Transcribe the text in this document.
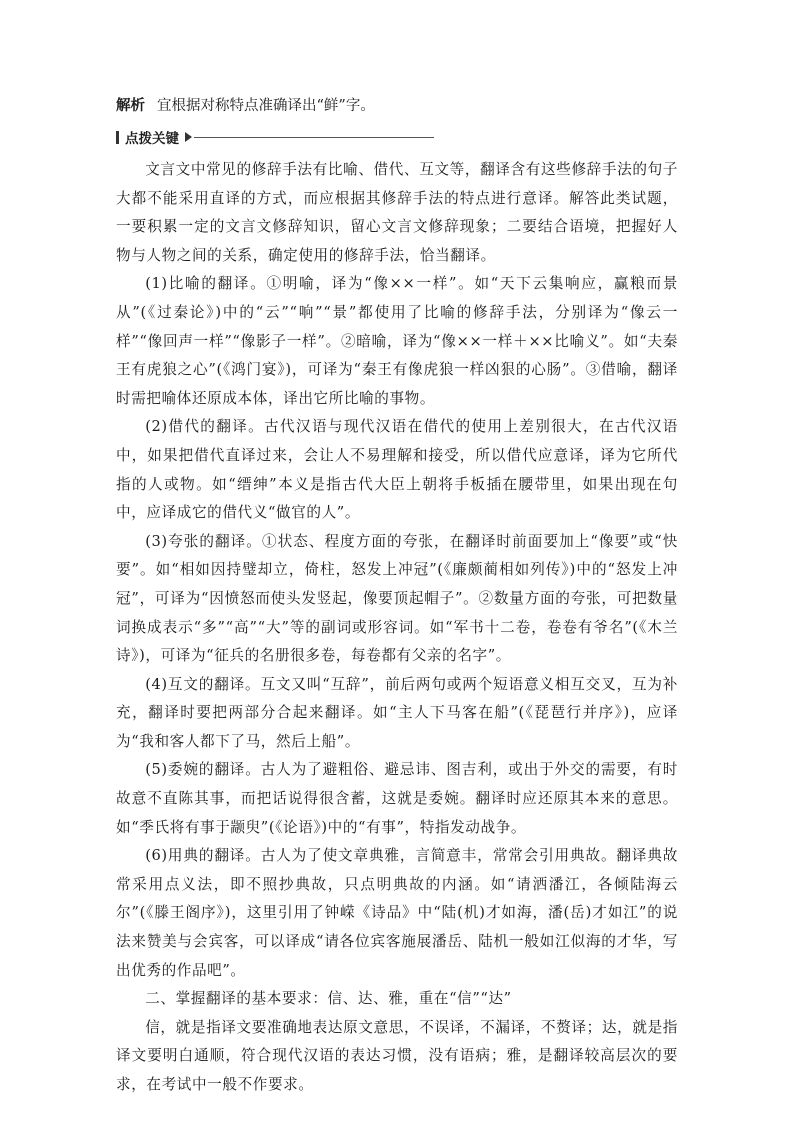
解析 宜根据对称特点准确译出“鲜”字。

点拨关键

文言文中常见的修辞手法有比喻、借代、互文等，翻译含有这些修辞手法的句子大都不能采用直译的方式，而应根据其修辞手法的特点进行意译。解答此类试题，一要积累一定的文言文修辞知识，留心文言文修辞现象；二要结合语境，把握好人物与人物之间的关系，确定使用的修辞手法，恰当翻译。

(1)比喻的翻译。①明喻，译为“像××一样”。如“天下云集响应，赢粮而景从”(《过秦论》)中的“云”“响”“景”都使用了比喻的修辞手法，分别译为“像云一样”“像回声一样”“像影子一样”。②暗喻，译为“像××一样＋××比喻义”。如“夫秦王有虎狼之心”(《鸿门宴》)，可译为“秦王有像虎狼一样凶狠的心肠”。③借喻，翻译时需把喻体还原成本体，译出它所比喻的事物。

(2)借代的翻译。古代汉语与现代汉语在借代的使用上差别很大，在古代汉语中，如果把借代直译过来，会让人不易理解和接受，所以借代应意译，译为它所代指的人或物。如“缙绅”本义是指古代大臣上朝将手板插在腰带里，如果出现在句中，应译成它的借代义“做官的人”。

(3)夸张的翻译。①状态、程度方面的夸张，在翻译时前面要加上“像要”或“快要”。如“相如因持璧却立，倚柱，怒发上冲冠”(《廉颇蔺相如列传》)中的“怒发上冲冠”，可译为“因愤怒而使头发竖起，像要顶起帽子”。②数量方面的夸张，可把数量词换成表示“多”“高”“大”等的副词或形容词。如“军书十二卷，卷卷有爷名”(《木兰诗》)，可译为“征兵的名册很多卷，每卷都有父亲的名字”。

(4)互文的翻译。互文又叫“互辞”，前后两句或两个短语意义相互交叉，互为补充，翻译时要把两部分合起来翻译。如“主人下马客在船”(《琵琶行并序》)，应译为“我和客人都下了马，然后上船”。

(5)委婉的翻译。古人为了避粗俗、避忌讳、图吉利，或出于外交的需要，有时故意不直陈其事，而把话说得很含蓄，这就是委婉。翻译时应还原其本来的意思。如“季氏将有事于颛臾”(《论语》)中的“有事”，特指发动战争。

(6)用典的翻译。古人为了使文章典雅，言简意丰，常常会引用典故。翻译典故常采用点义法，即不照抄典故，只点明典故的内涵。如“请洒潘江，各倾陆海云尔”(《滕王阁序》)，这里引用了钟嵘《诗品》中“陆(机)才如海，潘(岳)才如江”的说法来赞美与会宾客，可以译成“请各位宾客施展潘岳、陆机一般如江似海的才华，写出优秀的作品吧”。

二、掌握翻译的基本要求：信、达、雅，重在“信”“达”

信，就是指译文要准确地表达原文意思，不误译，不漏译，不赘译；达，就是指译文要明白通顺，符合现代汉语的表达习惯，没有语病；雅，是翻译较高层次的要求，在考试中一般不作要求。
